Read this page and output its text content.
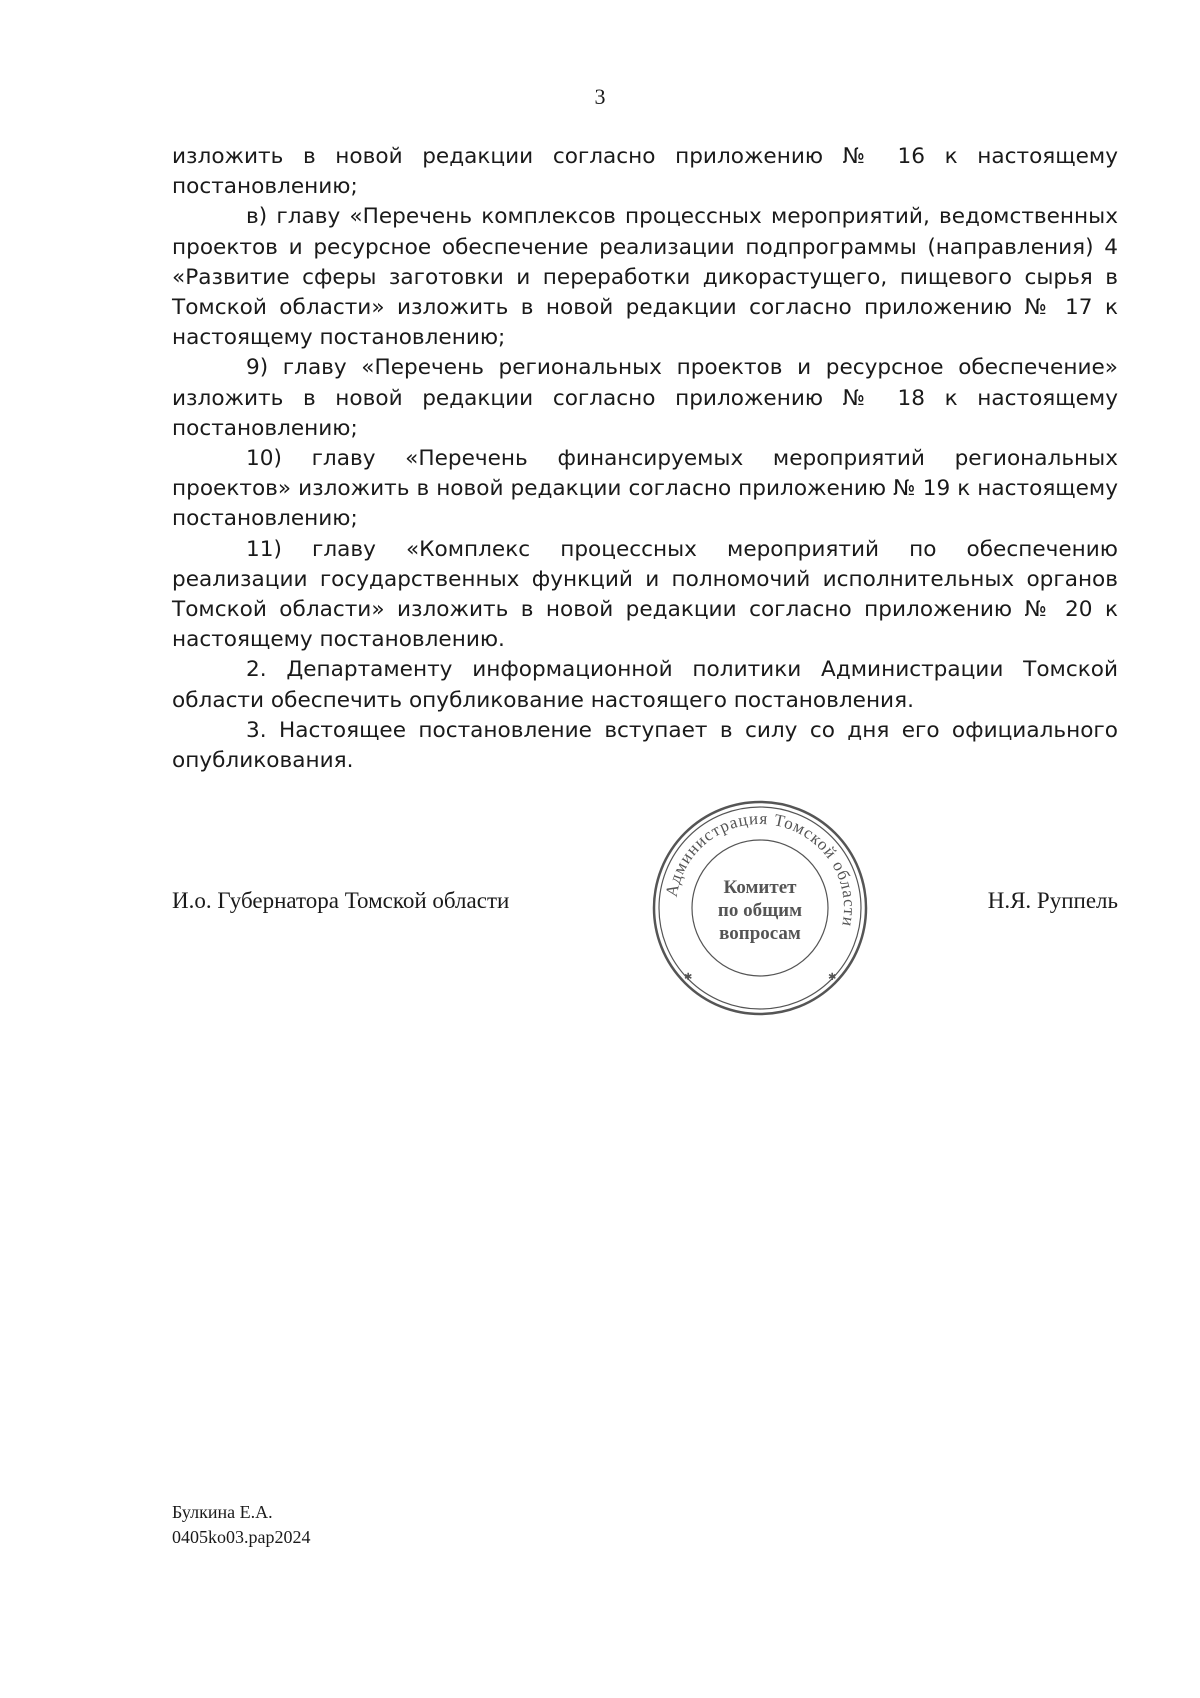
3

изложить в новой редакции согласно приложению № 16 к настоящему постановлению;

в) главу «Перечень комплексов процессных мероприятий, ведомственных проектов и ресурсное обеспечение реализации подпрограммы (направления) 4 «Развитие сферы заготовки и переработки дикорастущего, пищевого сырья в Томской области» изложить в новой редакции согласно приложению № 17 к настоящему постановлению;

9) главу «Перечень региональных проектов и ресурсное обеспечение» изложить в новой редакции согласно приложению № 18 к настоящему постановлению;

10) главу «Перечень финансируемых мероприятий региональных проектов» изложить в новой редакции согласно приложению № 19 к настоящему постановлению;

11) главу «Комплекс процессных мероприятий по обеспечению реализации государственных функций и полномочий исполнительных органов Томской области» изложить в новой редакции согласно приложению № 20 к настоящему постановлению.

2. Департаменту информационной политики Администрации Томской области обеспечить опубликование настоящего постановления.

3. Настоящее постановление вступает в силу со дня его официального опубликования.

И.о. Губернатора Томской области	Н.Я. Руппель
Администрация Томской области
✱	✱
Комитет
по общим
вопросам
Булкина Е.А.
0405ko03.pap2024
